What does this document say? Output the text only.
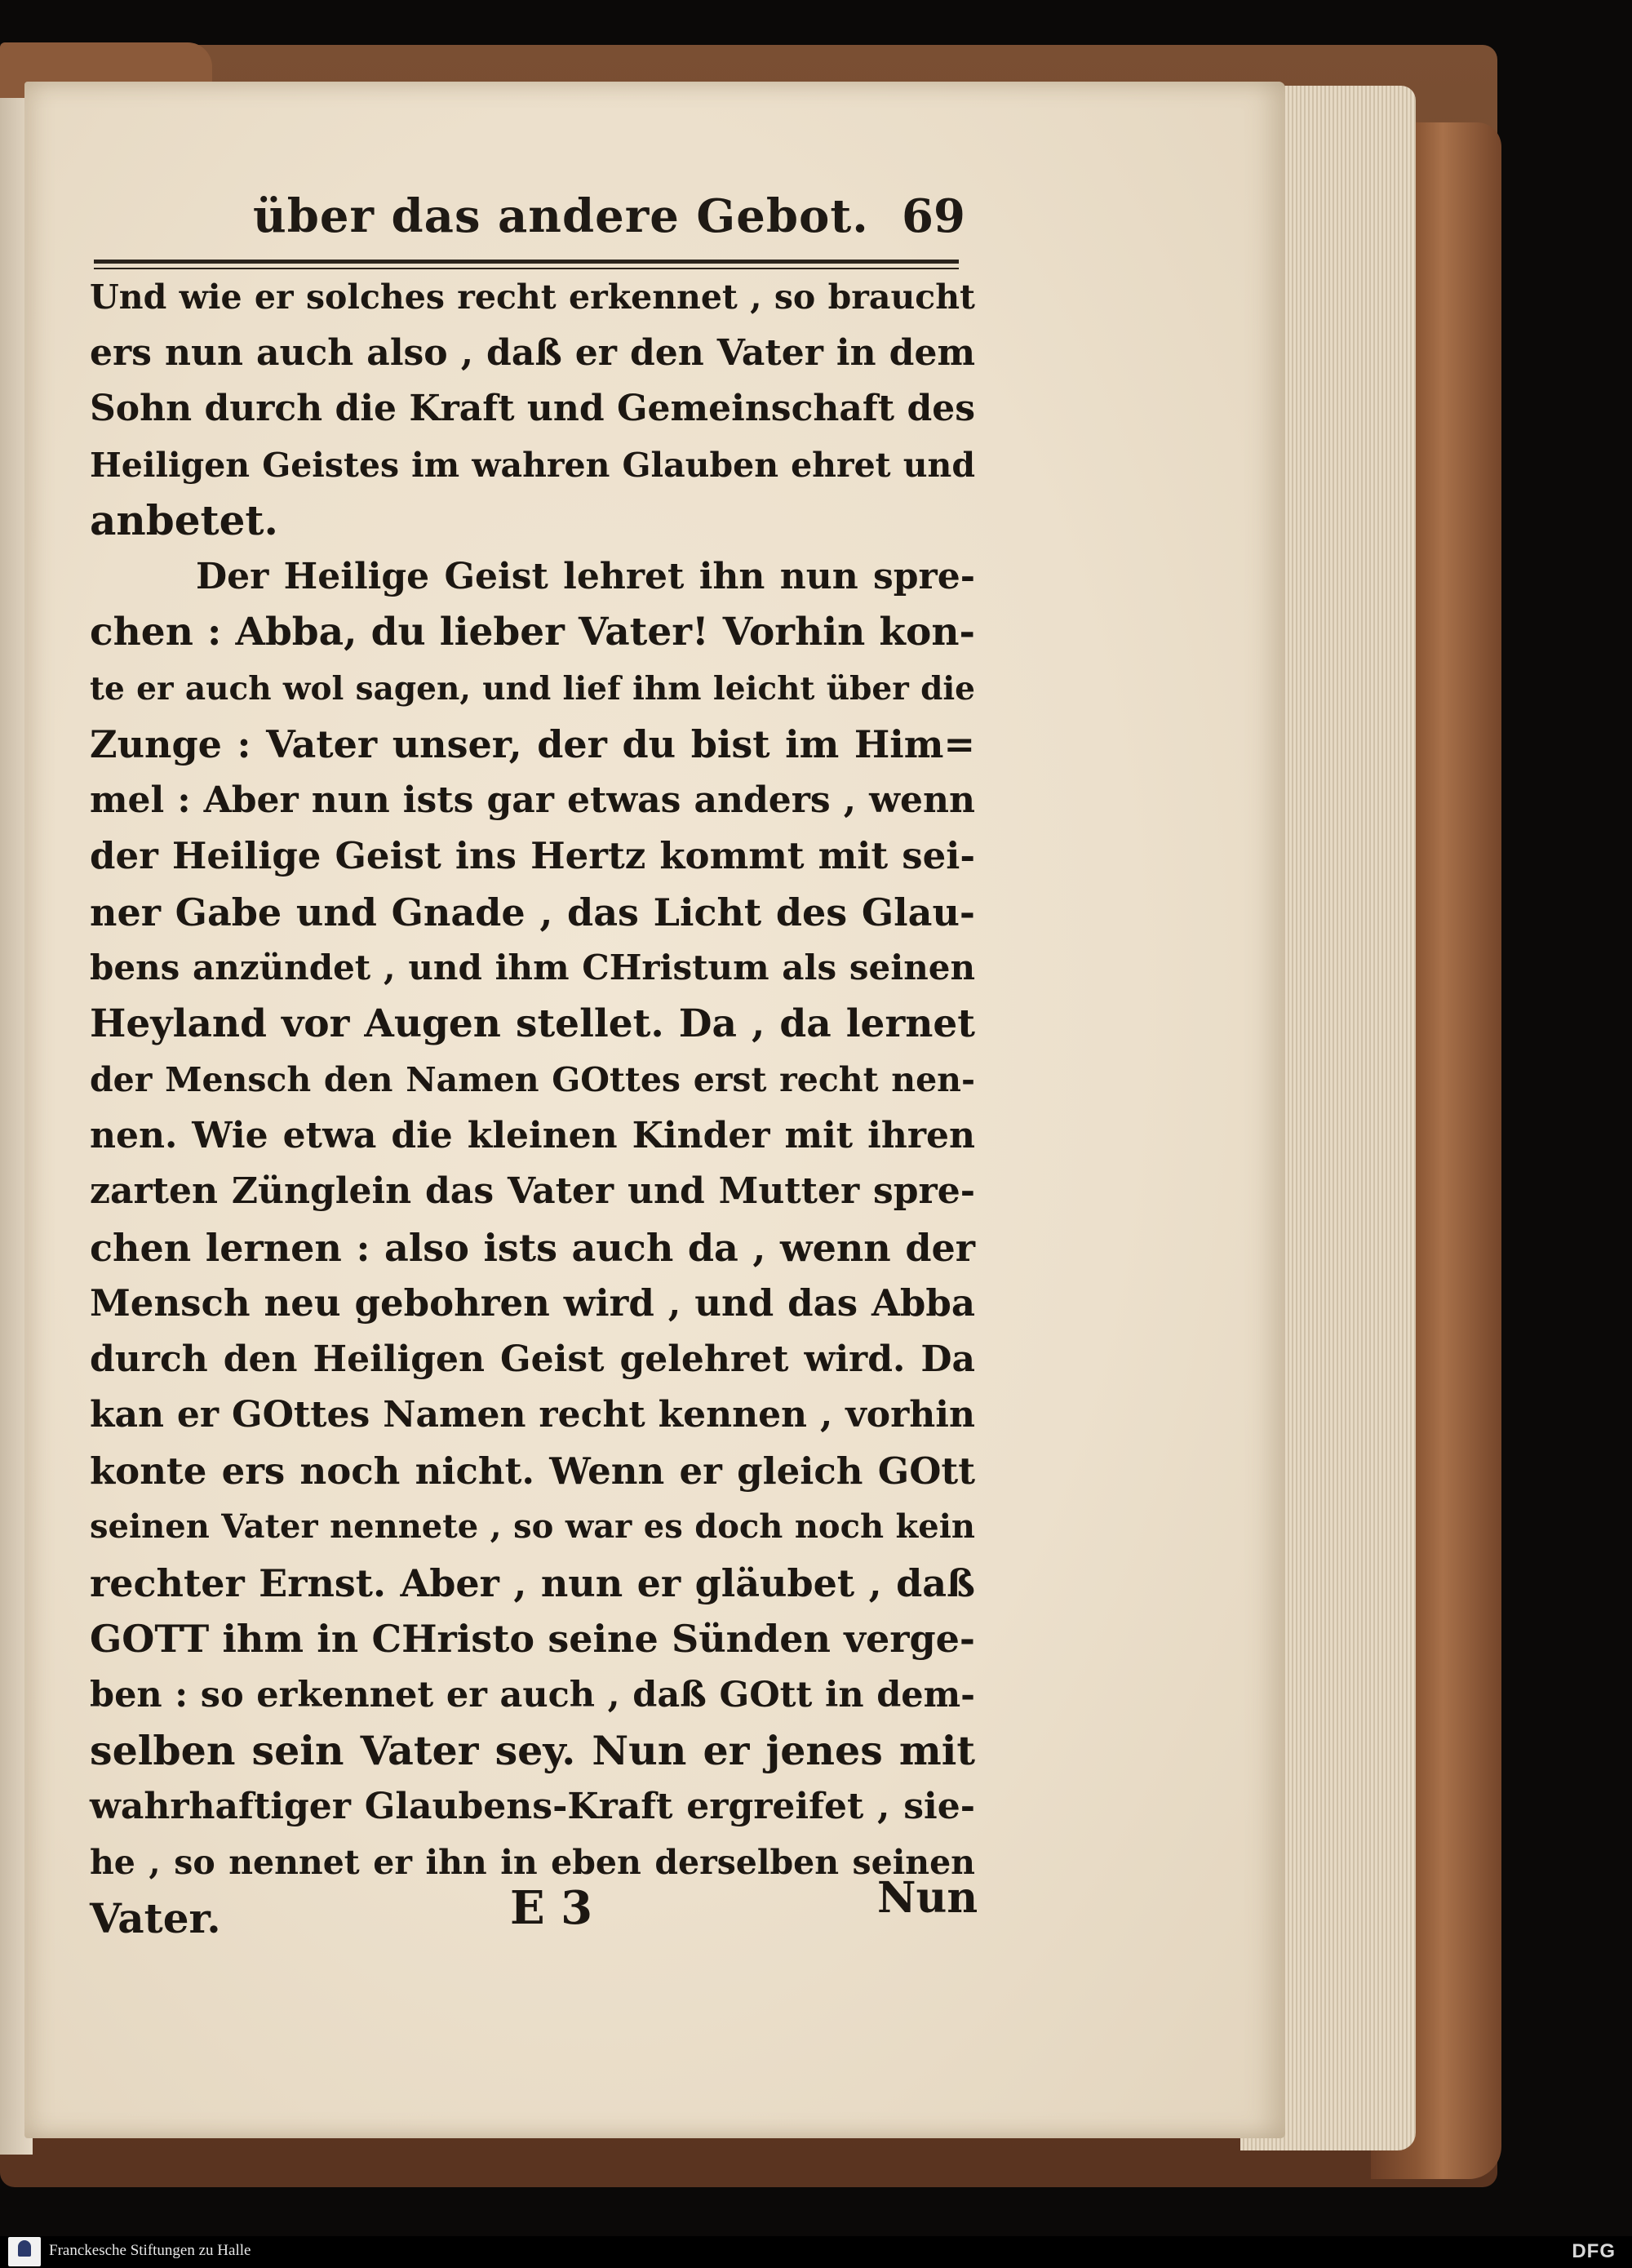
über das andere Gebot. 69
Und wie er solches recht erkennet , so braucht
ers nun auch also , daß er den Vater in dem
Sohn durch die Kraft und Gemeinschaft des
Heiligen Geistes im wahren Glauben ehret und
anbetet.
Der Heilige Geist lehret ihn nun spre-
chen : Abba, du lieber Vater! Vorhin kon-
te er auch wol sagen, und lief ihm leicht über die
Zunge : Vater unser, der du bist im Him=
mel : Aber nun ists gar etwas anders , wenn
der Heilige Geist ins Hertz kommt mit sei-
ner Gabe und Gnade , das Licht des Glau-
bens anzündet , und ihm CHristum als seinen
Heyland vor Augen stellet. Da , da lernet
der Mensch den Namen GOttes erst recht nen-
nen. Wie etwa die kleinen Kinder mit ihren
zarten Zünglein das Vater und Mutter spre-
chen lernen : also ists auch da , wenn der
Mensch neu gebohren wird , und das Abba
durch den Heiligen Geist gelehret wird. Da
kan er GOttes Namen recht kennen , vorhin
konte ers noch nicht. Wenn er gleich GOtt
seinen Vater nennete , so war es doch noch kein
rechter Ernst. Aber , nun er gläubet , daß
GOTT ihm in CHristo seine Sünden verge-
ben : so erkennet er auch , daß GOtt in dem-
selben sein Vater sey. Nun er jenes mit
wahrhaftiger Glaubens-Kraft ergreifet , sie-
he , so nennet er ihn in eben derselben seinen
Vater.	E 3	Nun
Franckesche Stiftungen zu Halle	DFG
